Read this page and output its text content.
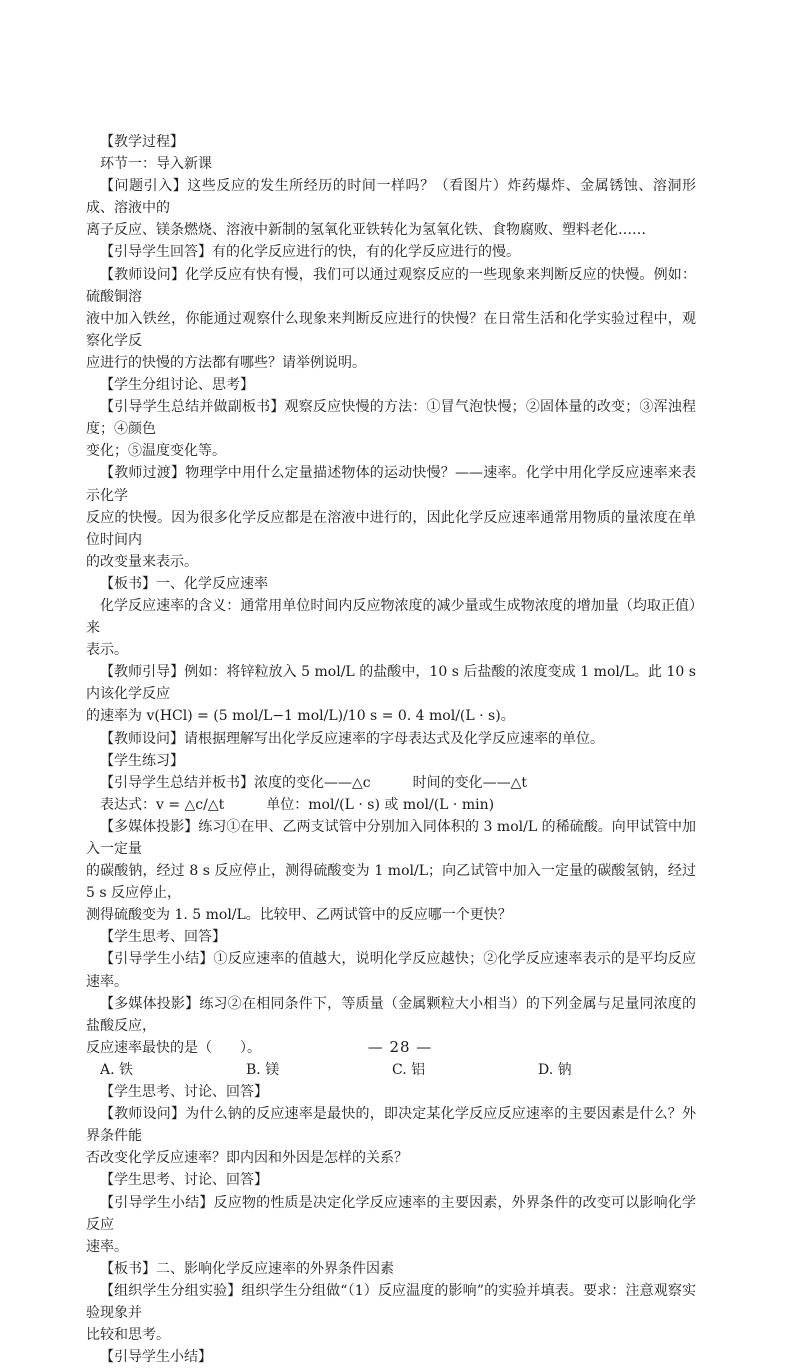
【教学过程】

环节一：导入新课

【问题引入】这些反应的发生所经历的时间一样吗？（看图片）炸药爆炸、金属锈蚀、溶洞形成、溶液中的

离子反应、镁条燃烧、溶液中新制的氢氧化亚铁转化为氢氧化铁、食物腐败、塑料老化……

【引导学生回答】有的化学反应进行的快，有的化学反应进行的慢。

【教师设问】化学反应有快有慢，我们可以通过观察反应的一些现象来判断反应的快慢。例如：硫酸铜溶

液中加入铁丝，你能通过观察什么现象来判断反应进行的快慢？在日常生活和化学实验过程中，观察化学反

应进行的快慢的方法都有哪些？请举例说明。

【学生分组讨论、思考】

【引导学生总结并做副板书】观察反应快慢的方法：①冒气泡快慢；②固体量的改变；③浑浊程度；④颜色

变化；⑤温度变化等。

【教师过渡】物理学中用什么定量描述物体的运动快慢？——速率。化学中用化学反应速率来表示化学

反应的快慢。因为很多化学反应都是在溶液中进行的，因此化学反应速率通常用物质的量浓度在单位时间内

的改变量来表示。

【板书】一、化学反应速率

化学反应速率的含义：通常用单位时间内反应物浓度的减少量或生成物浓度的增加量（均取正值）来

表示。

【教师引导】例如：将锌粒放入 5 mol/L 的盐酸中，10 s 后盐酸的浓度变成 1 mol/L。此 10 s 内该化学反应

的速率为 v(HCl) = (5 mol/L−1 mol/L)/10 s = 0. 4 mol/(L · s)。

【教师设问】请根据理解写出化学反应速率的字母表达式及化学反应速率的单位。

【学生练习】

【引导学生总结并板书】浓度的变化——△c	时间的变化——△t

表达式：v = △c/△t	单位：mol/(L · s) 或 mol/(L · min)

【多媒体投影】练习①在甲、乙两支试管中分别加入同体积的 3 mol/L 的稀硫酸。向甲试管中加入一定量

的碳酸钠，经过 8 s 反应停止，测得硫酸变为 1 mol/L；向乙试管中加入一定量的碳酸氢钠，经过 5 s 反应停止，

测得硫酸变为 1. 5 mol/L。比较甲、乙两试管中的反应哪一个更快？

【学生思考、回答】

【引导学生小结】①反应速率的值越大，说明化学反应越快；②化学反应速率表示的是平均反应速率。

【多媒体投影】练习②在相同条件下，等质量（金属颗粒大小相当）的下列金属与足量同浓度的盐酸反应，

反应速率最快的是（　　）。

A. 铁	B. 镁	C. 铝	D. 钠

【学生思考、讨论、回答】

【教师设问】为什么钠的反应速率是最快的，即决定某化学反应反应速率的主要因素是什么？外界条件能

否改变化学反应速率？即内因和外因是怎样的关系？

【学生思考、讨论、回答】

【引导学生小结】反应物的性质是决定化学反应速率的主要因素，外界条件的改变可以影响化学反应

速率。

【板书】二、影响化学反应速率的外界条件因素

【组织学生分组实验】组织学生分组做“（1）反应温度的影响”的实验并填表。要求：注意观察实验现象并

比较和思考。

【引导学生小结】

— 28 —
